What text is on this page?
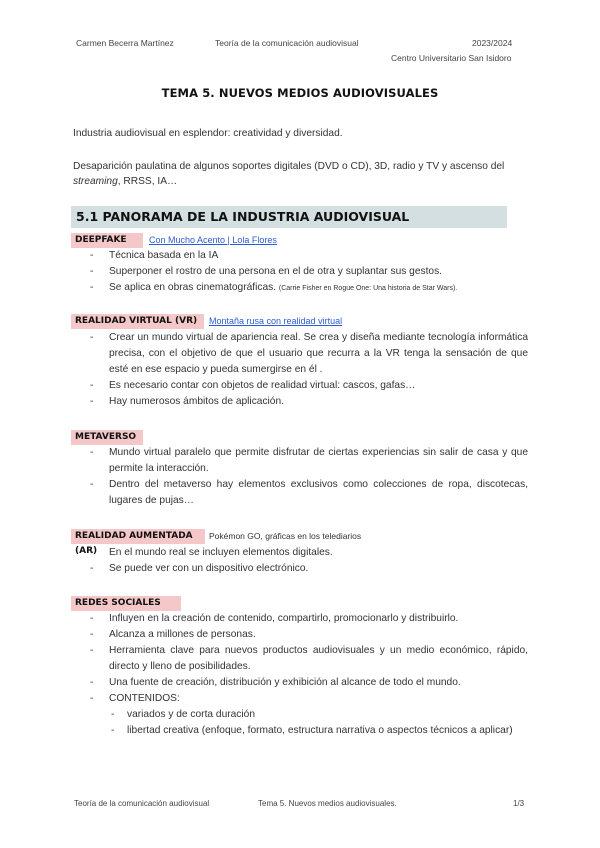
Carmen Becerra Martínez	Teoría de la comunicación audiovisual	2023/2024
Centro Universitario San Isidoro
TEMA 5. NUEVOS MEDIOS AUDIOVISUALES
Industria audiovisual en esplendor: creatividad y diversidad.
Desaparición paulatina de algunos soportes digitales (DVD o CD), 3D, radio y TV y ascenso del streaming, RRSS, IA…
5.1 PANORAMA DE LA INDUSTRIA AUDIOVISUAL
DEEPFAKE	Con Mucho Acento | Lola Flores
- Técnica basada en la IA
- Superponer el rostro de una persona en el de otra y suplantar sus gestos.
- Se aplica en obras cinematográficas. (Carrie Fisher en Rogue One: Una historia de Star Wars).
REALIDAD VIRTUAL (VR)	Montaña rusa con realidad virtual
- Crear un mundo virtual de apariencia real. Se crea y diseña mediante tecnología informática precisa, con el objetivo de que el usuario que recurra a la VR tenga la sensación de que esté en ese espacio y pueda sumergirse en él .
- Es necesario contar con objetos de realidad virtual: cascos, gafas…
- Hay numerosos ámbitos de aplicación.
METAVERSO
- Mundo virtual paralelo que permite disfrutar de ciertas experiencias sin salir de casa y que permite la interacción.
- Dentro del metaverso hay elementos exclusivos como colecciones de ropa, discotecas, lugares de pujas…
REALIDAD AUMENTADA (AR)
Pokémon GO, gráficas en los telediarios
- En el mundo real se incluyen elementos digitales.
- Se puede ver con un dispositivo electrónico.
REDES SOCIALES
- Influyen en la creación de contenido, compartirlo, promocionarlo y distribuirlo.
- Alcanza a millones de personas.
- Herramienta clave para nuevos productos audiovisuales y un medio económico, rápido, directo y lleno de posibilidades.
- Una fuente de creación, distribución y exhibición al alcance de todo el mundo.
- CONTENIDOS:
- variados y de corta duración
- libertad creativa (enfoque, formato, estructura narrativa o aspectos técnicos a aplicar)
Teoría de la comunicación audiovisual	Tema 5. Nuevos medios audiovisuales.	1/3
